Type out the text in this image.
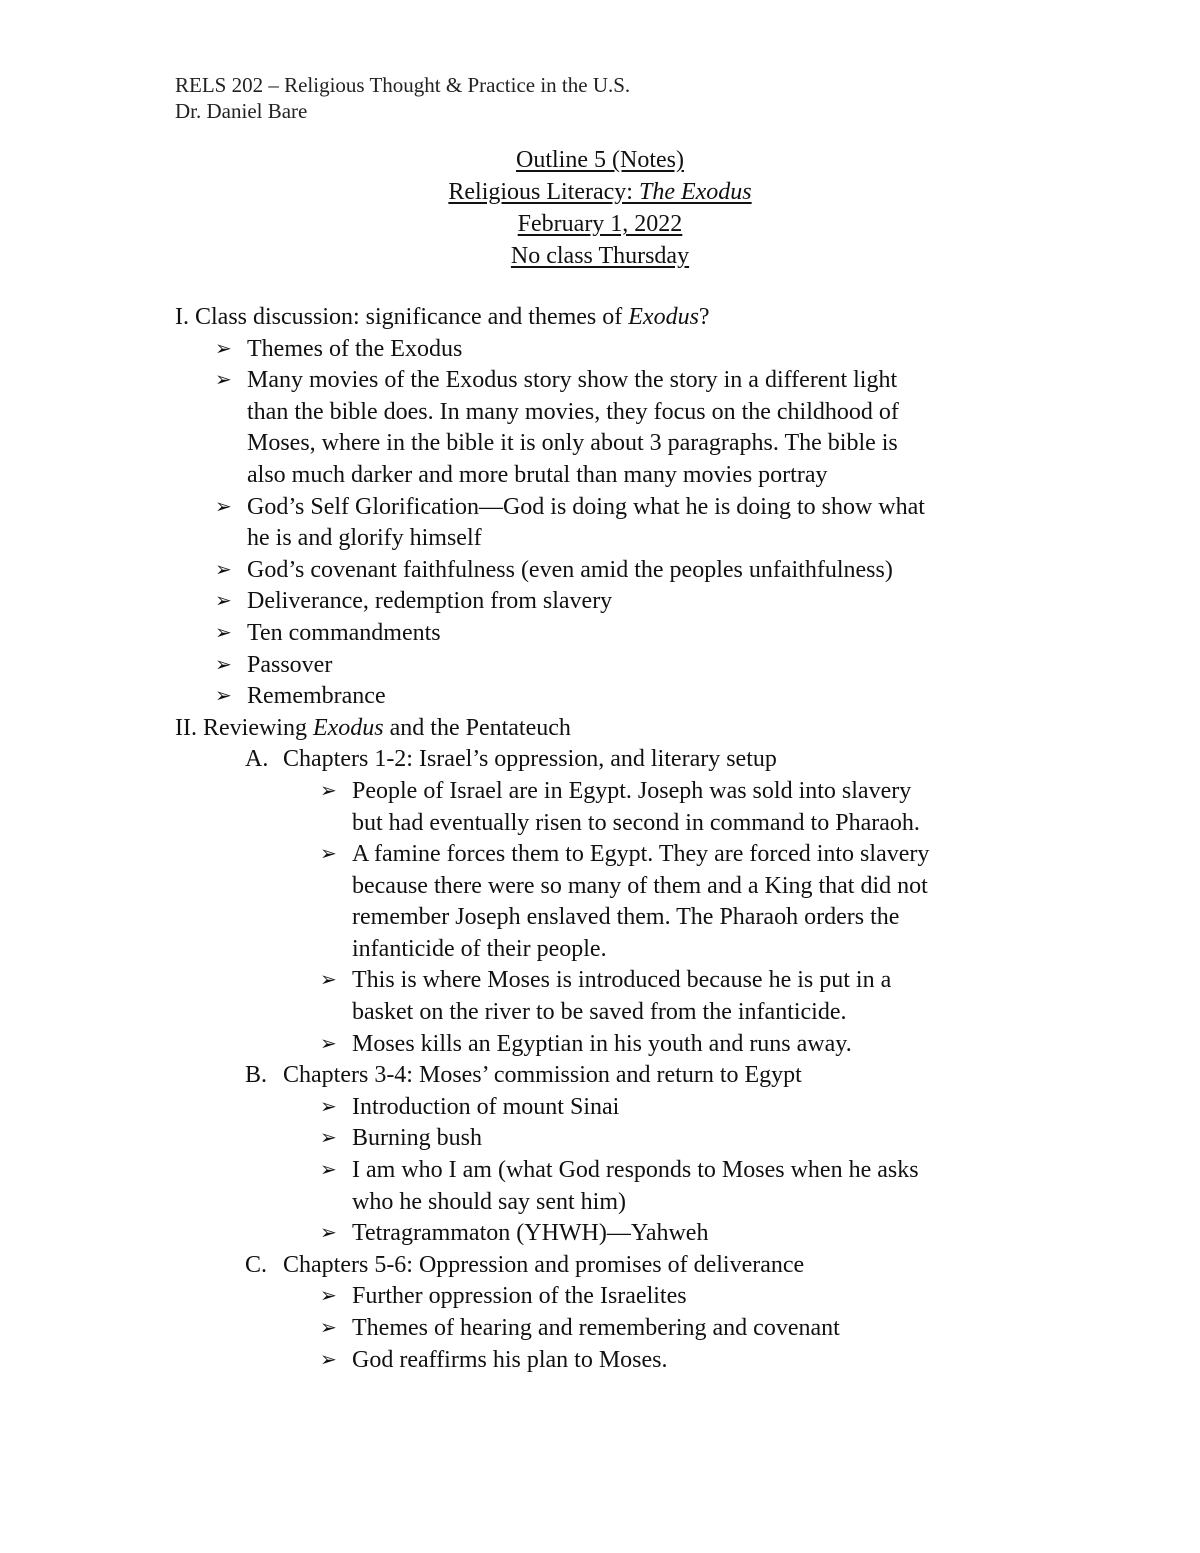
RELS 202 – Religious Thought & Practice in the U.S.
Dr. Daniel Bare
Outline 5 (Notes)
Religious Literacy: The Exodus
February 1, 2022
No class Thursday
I. Class discussion: significance and themes of Exodus?
➢ Themes of the Exodus
➢ Many movies of the Exodus story show the story in a different light
than the bible does. In many movies, they focus on the childhood of
Moses, where in the bible it is only about 3 paragraphs. The bible is
also much darker and more brutal than many movies portray
➢ God’s Self Glorification—God is doing what he is doing to show what
he is and glorify himself
➢ God’s covenant faithfulness (even amid the peoples unfaithfulness)
➢ Deliverance, redemption from slavery
➢ Ten commandments
➢ Passover
➢ Remembrance
II. Reviewing Exodus and the Pentateuch
A. Chapters 1-2: Israel’s oppression, and literary setup
➢ People of Israel are in Egypt. Joseph was sold into slavery
but had eventually risen to second in command to Pharaoh.
➢ A famine forces them to Egypt. They are forced into slavery
because there were so many of them and a King that did not
remember Joseph enslaved them. The Pharaoh orders the
infanticide of their people.
➢ This is where Moses is introduced because he is put in a
basket on the river to be saved from the infanticide.
➢ Moses kills an Egyptian in his youth and runs away.
B. Chapters 3-4: Moses’ commission and return to Egypt
➢ Introduction of mount Sinai
➢ Burning bush
➢ I am who I am (what God responds to Moses when he asks
who he should say sent him)
➢ Tetragrammaton (YHWH)—Yahweh
C. Chapters 5-6: Oppression and promises of deliverance
➢ Further oppression of the Israelites
➢ Themes of hearing and remembering and covenant
➢ God reaffirms his plan to Moses.
